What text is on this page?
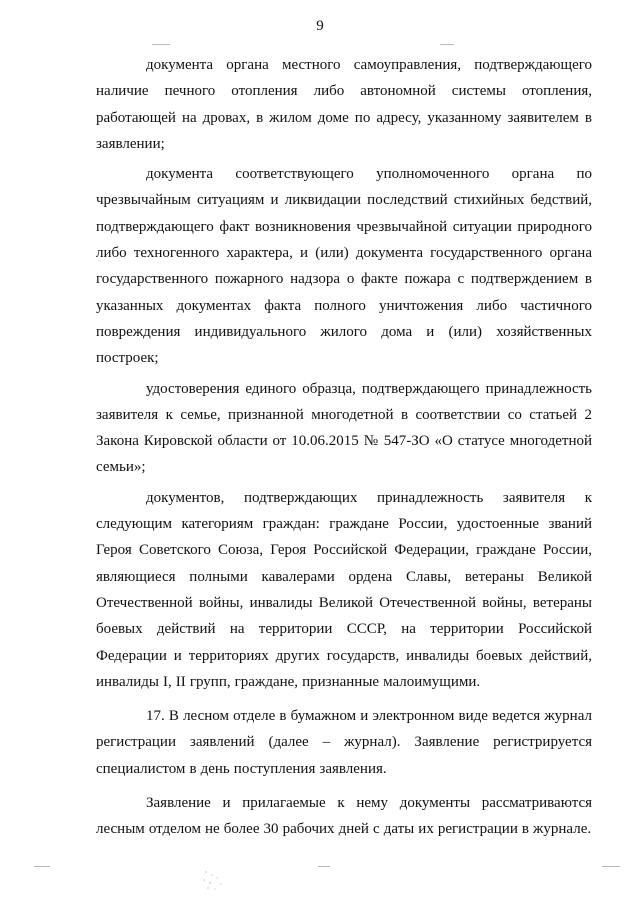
9

документа органа местного самоуправления, подтверждающего наличие печного отопления либо автономной системы отопления, работающей на дровах, в жилом доме по адресу, указанному заявителем в заявлении;

документа соответствующего уполномоченного органа по чрезвычайным ситуациям и ликвидации последствий стихийных бедствий, подтверждающего факт возникновения чрезвычайной ситуации природного либо техногенного характера, и (или) документа государственного органа государственного пожарного надзора о факте пожара с подтверждением в указанных документах факта полного уничтожения либо частичного повреждения индивидуального жилого дома и (или) хозяйственных построек;

удостоверения единого образца, подтверждающего принадлежность заявителя к семье, признанной многодетной в соответствии со статьей 2 Закона Кировской области от 10.06.2015 № 547-ЗО «О статусе многодетной семьи»;

документов, подтверждающих принадлежность заявителя к следующим категориям граждан: граждане России, удостоенные званий Героя Советского Союза, Героя Российской Федерации, граждане России, являющиеся полными кавалерами ордена Славы, ветераны Великой Отечественной войны, инвалиды Великой Отечественной войны, ветераны боевых действий на территории СССР, на территории Российской Федерации и территориях других государств, инвалиды боевых действий, инвалиды I, II групп, граждане, признанные малоимущими.

17. В лесном отделе в бумажном и электронном виде ведется журнал регистрации заявлений (далее – журнал). Заявление регистрируется специалистом в день поступления заявления.

Заявление и прилагаемые к нему документы рассматриваются лесным отделом не более 30 рабочих дней с даты их регистрации в журнале.
